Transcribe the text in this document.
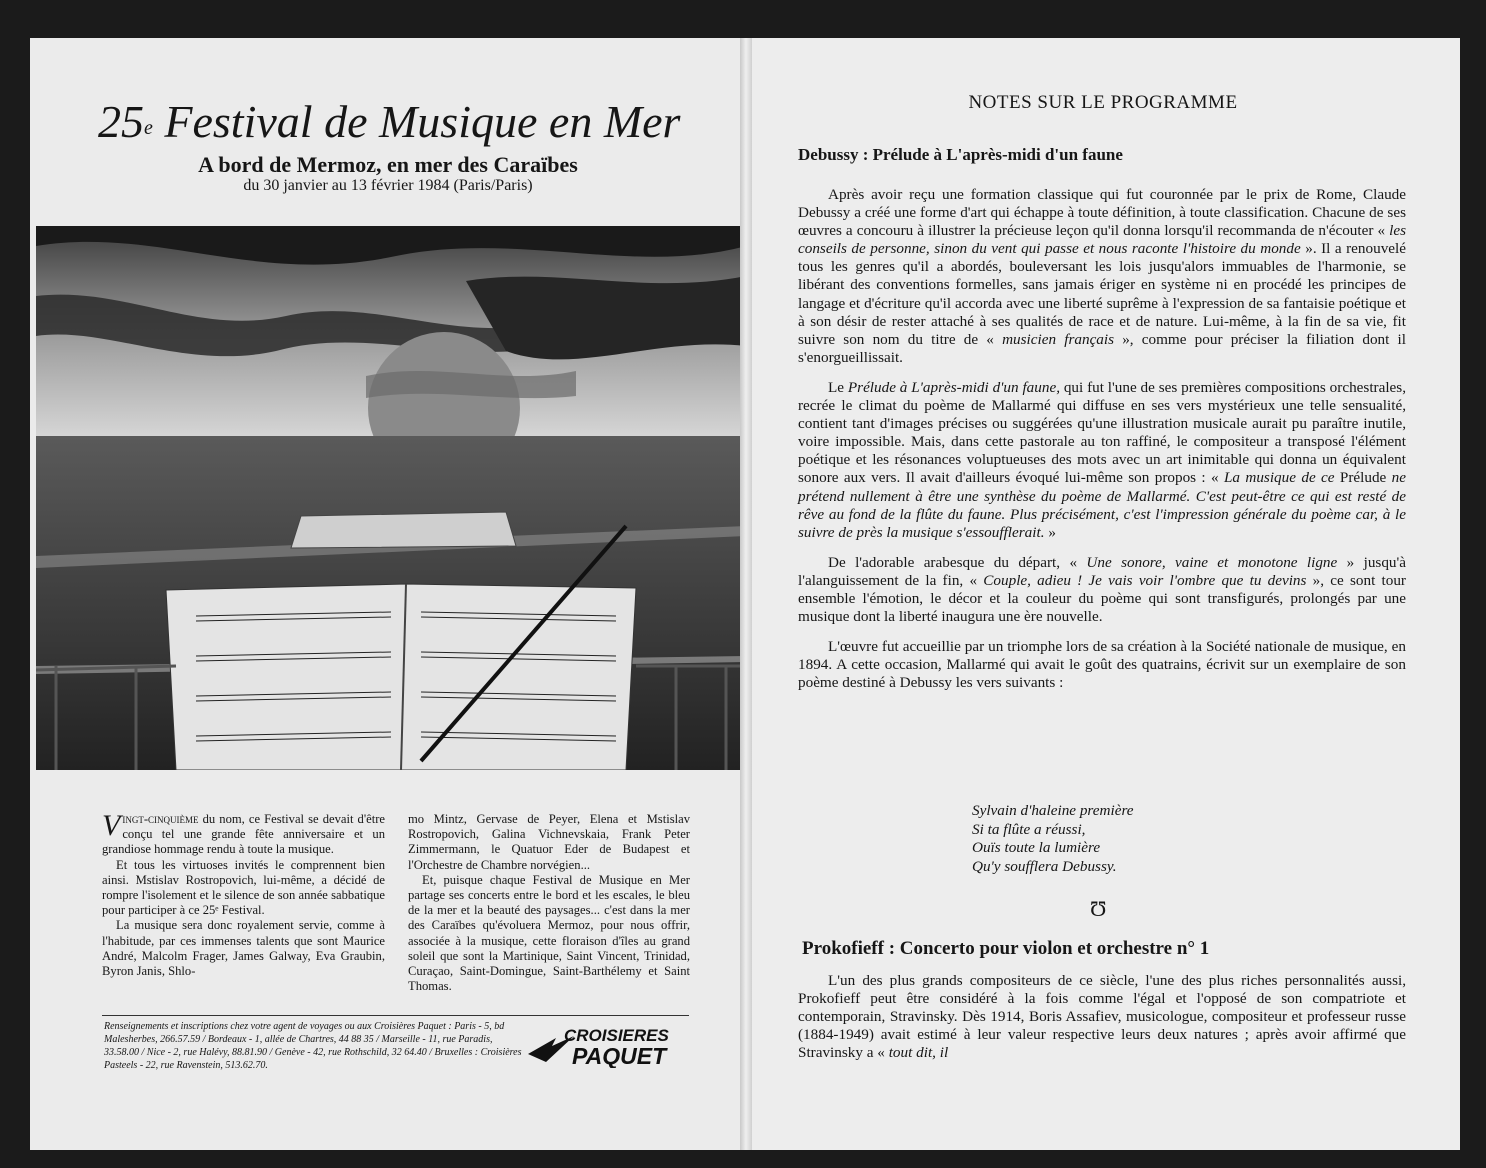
25e Festival de Musique en Mer
A bord de Mermoz, en mer des Caraïbes
du 30 janvier au 13 février 1984 (Paris/Paris)

Vingt-cinquième du nom, ce Festival se devait d'être conçu tel une grande fête anniversaire et un grandiose hommage rendu à toute la musique.

Et tous les virtuoses invités le comprennent bien ainsi. Mstislav Rostropovich, lui-même, a décidé de rompre l'isolement et le silence de son année sabbatique pour participer à ce 25ᵉ Festival.

La musique sera donc royalement servie, comme à l'habitude, par ces immenses talents que sont Maurice André, Malcolm Frager, James Galway, Eva Graubin, Byron Janis, Shlo-

mo Mintz, Gervase de Peyer, Elena et Mstislav Rostropovich, Galina Vichnevskaia, Frank Peter Zimmermann, le Quatuor Eder de Budapest et l'Orchestre de Chambre norvégien...

Et, puisque chaque Festival de Musique en Mer partage ses concerts entre le bord et les escales, le bleu de la mer et la beauté des paysages... c'est dans la mer des Caraïbes qu'évoluera Mermoz, pour nous offrir, associée à la musique, cette floraison d'îles au grand soleil que sont la Martinique, Saint Vincent, Trinidad, Curaçao, Saint-Domingue, Saint-Barthélemy et Saint Thomas.

Renseignements et inscriptions chez votre agent de voyages ou aux Croisières Paquet : Paris - 5, bd Malesherbes, 266.57.59 / Bordeaux - 1, allée de Chartres, 44 88 35 / Marseille - 11, rue Paradis, 33.58.00 / Nice - 2, rue Halévy, 88.81.90 / Genève - 42, rue Rothschild, 32 64.40 / Bruxelles : Croisières Pasteels - 22, rue Ravenstein, 513.62.70.
CROISIERES
PAQUET
NOTES SUR LE PROGRAMME
Debussy : Prélude à L'après-midi d'un faune

Après avoir reçu une formation classique qui fut couronnée par le prix de Rome, Claude Debussy a créé une forme d'art qui échappe à toute définition, à toute classification. Chacune de ses œuvres a concouru à illustrer la précieuse leçon qu'il donna lorsqu'il recommanda de n'écouter « les conseils de personne, sinon du vent qui passe et nous raconte l'histoire du monde ». Il a renouvelé tous les genres qu'il a abordés, bouleversant les lois jusqu'alors immuables de l'harmonie, se libérant des conventions formelles, sans jamais ériger en système ni en procédé les principes de langage et d'écriture qu'il accorda avec une liberté suprême à l'expression de sa fantaisie poétique et à son désir de rester attaché à ses qualités de race et de nature. Lui-même, à la fin de sa vie, fit suivre son nom du titre de « musicien français », comme pour préciser la filiation dont il s'enorgueillissait.

Le Prélude à L'après-midi d'un faune, qui fut l'une de ses premières compositions orchestrales, recrée le climat du poème de Mallarmé qui diffuse en ses vers mystérieux une telle sensualité, contient tant d'images précises ou suggérées qu'une illustration musicale aurait pu paraître inutile, voire impossible. Mais, dans cette pastorale au ton raffiné, le compositeur a transposé l'élément poétique et les résonances voluptueuses des mots avec un art inimitable qui donna un équivalent sonore aux vers. Il avait d'ailleurs évoqué lui-même son propos : « La musique de ce Prélude ne prétend nullement à être une synthèse du poème de Mallarmé. C'est peut-être ce qui est resté de rêve au fond de la flûte du faune. Plus précisément, c'est l'impression générale du poème car, à le suivre de près la musique s'essoufflerait. »

De l'adorable arabesque du départ, « Une sonore, vaine et monotone ligne » jusqu'à l'alanguissement de la fin, « Couple, adieu ! Je vais voir l'ombre que tu devins », ce sont tour ensemble l'émotion, le décor et la couleur du poème qui sont transfigurés, prolongés par une musique dont la liberté inaugura une ère nouvelle.

L'œuvre fut accueillie par un triomphe lors de sa création à la Société nationale de musique, en 1894. A cette occasion, Mallarmé qui avait le goût des quatrains, écrivit sur un exemplaire de son poème destiné à Debussy les vers suivants :

Sylvain d'haleine première
Si ta flûte a réussi,
Ouïs toute la lumière
Qu'y soufflera Debussy.
Ʊ
Prokofieff : Concerto pour violon et orchestre n° 1

L'un des plus grands compositeurs de ce siècle, l'une des plus riches personnalités aussi, Prokofieff peut être considéré à la fois comme l'égal et l'opposé de son compatriote et contemporain, Stravinsky. Dès 1914, Boris Assafiev, musicologue, compositeur et professeur russe (1884-1949) avait estimé à leur valeur respective leurs deux natures ; après avoir affirmé que Stravinsky a « tout dit, il
